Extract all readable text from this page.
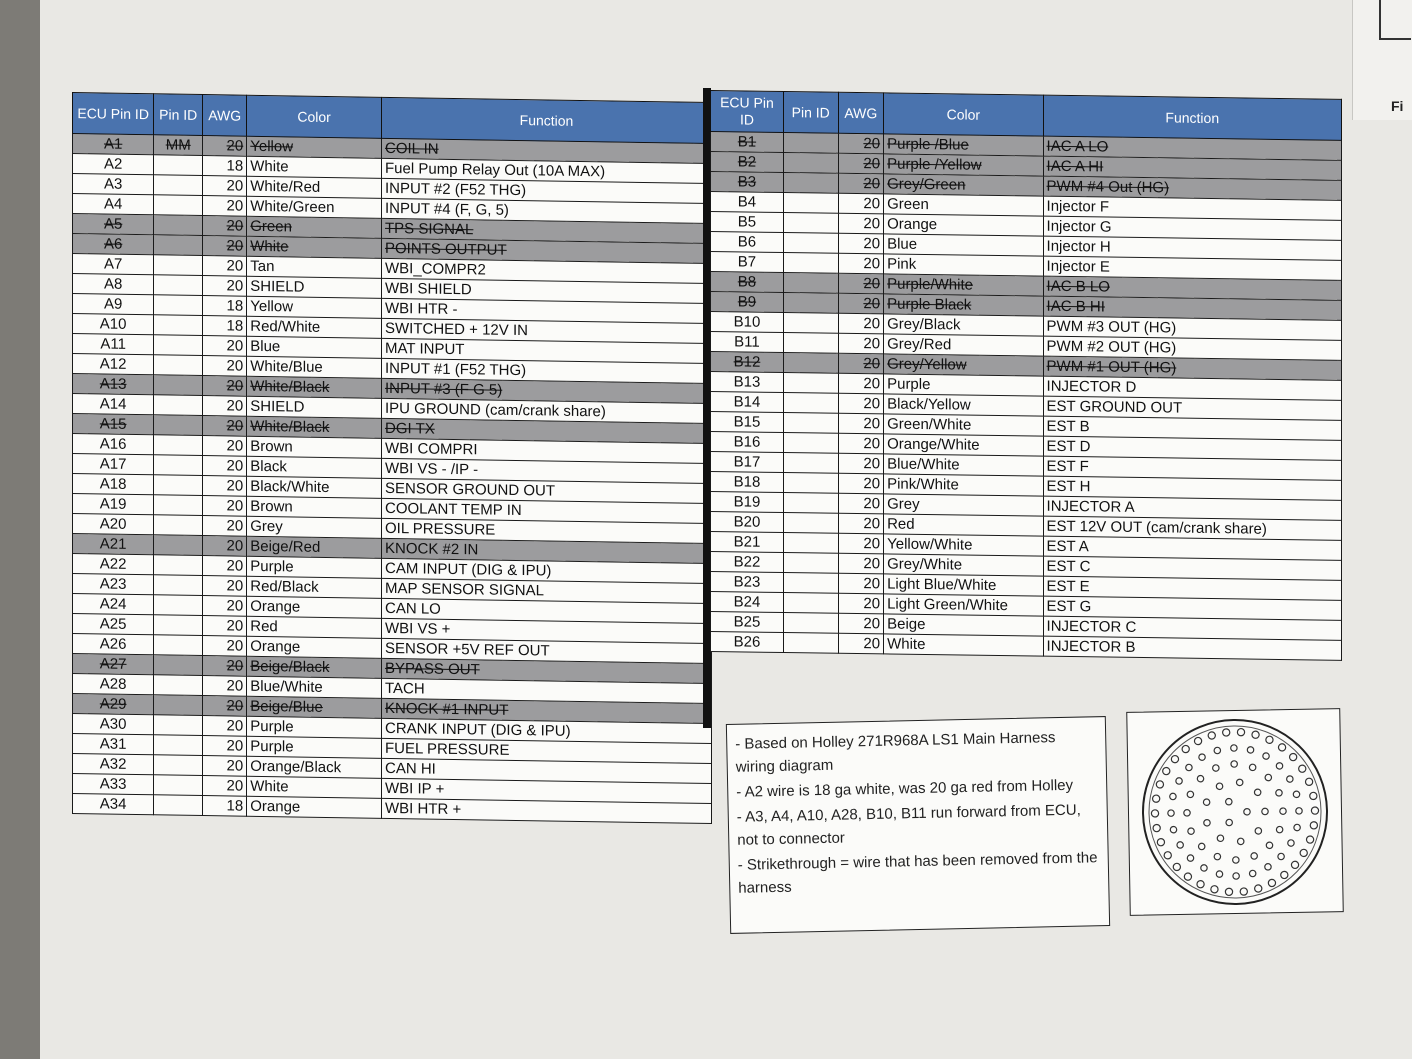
Fi
ECU Pin ID	Pin ID	AWG	Color	Function
A1	MM	20	Yellow	COIL IN
A2		18	White	Fuel Pump Relay Out (10A MAX)
A3		20	White/Red	INPUT #2 (F52 THG)
A4		20	White/Green	INPUT #4 (F, G, 5)
A5		20	Green	TPS SIGNAL
A6		20	White	POINTS OUTPUT
A7		20	Tan	WBI_COMPR2
A8		20	SHIELD	WBI SHIELD
A9		18	Yellow	WBI HTR -
A10		18	Red/White	SWITCHED + 12V IN
A11		20	Blue	MAT INPUT
A12		20	White/Blue	INPUT #1 (F52 THG)
A13		20	White/Black	INPUT #3 (F G 5)
A14		20	SHIELD	IPU GROUND (cam/crank share)
A15		20	White/Black	DGI TX
A16		20	Brown	WBI COMPRI
A17		20	Black	WBI VS - /IP -
A18		20	Black/White	SENSOR GROUND OUT
A19		20	Brown	COOLANT TEMP IN
A20		20	Grey	OIL PRESSURE
A21		20	Beige/Red	KNOCK #2 IN
A22		20	Purple	CAM INPUT (DIG & IPU)
A23		20	Red/Black	MAP SENSOR SIGNAL
A24		20	Orange	CAN LO
A25		20	Red	WBI VS +
A26		20	Orange	SENSOR +5V REF OUT
A27		20	Beige/Black	BYPASS OUT
A28		20	Blue/White	TACH
A29		20	Beige/Blue	KNOCK #1 INPUT
A30		20	Purple	CRANK INPUT (DIG & IPU)
A31		20	Purple	FUEL PRESSURE
A32		20	Orange/Black	CAN HI
A33		20	White	WBI IP +
A34		18	Orange	WBI HTR +
ECU Pin ID	Pin ID	AWG	Color	Function
B1		20	Purple /Blue	IAC A LO
B2		20	Purple /Yellow	IAC A HI
B3		20	Grey/Green	PWM #4 Out (HG)
B4		20	Green	Injector F
B5		20	Orange	Injector G
B6		20	Blue	Injector H
B7		20	Pink	Injector E
B8		20	Purple/White	IAC B LO
B9		20	Purple Black	IAC B HI
B10		20	Grey/Black	PWM #3 OUT (HG)
B11		20	Grey/Red	PWM #2 OUT (HG)
B12		20	Grey/Yellow	PWM #1 OUT (HG)
B13		20	Purple	INJECTOR D
B14		20	Black/Yellow	EST GROUND OUT
B15		20	Green/White	EST B
B16		20	Orange/White	EST D
B17		20	Blue/White	EST F
B18		20	Pink/White	EST H
B19		20	Grey	INJECTOR A
B20		20	Red	EST 12V OUT (cam/crank share)
B21		20	Yellow/White	EST A
B22		20	Grey/White	EST C
B23		20	Light Blue/White	EST E
B24		20	Light Green/White	EST G
B25		20	Beige	INJECTOR C
B26		20	White	INJECTOR B

- Based on Holley 271R968A LS1 Main Harness wiring diagram

- A2 wire is 18 ga white, was 20 ga red from Holley

- A3, A4, A10, A28, B10, B11 run forward from ECU, not to connector

- Strikethrough = wire that has been removed from the harness
